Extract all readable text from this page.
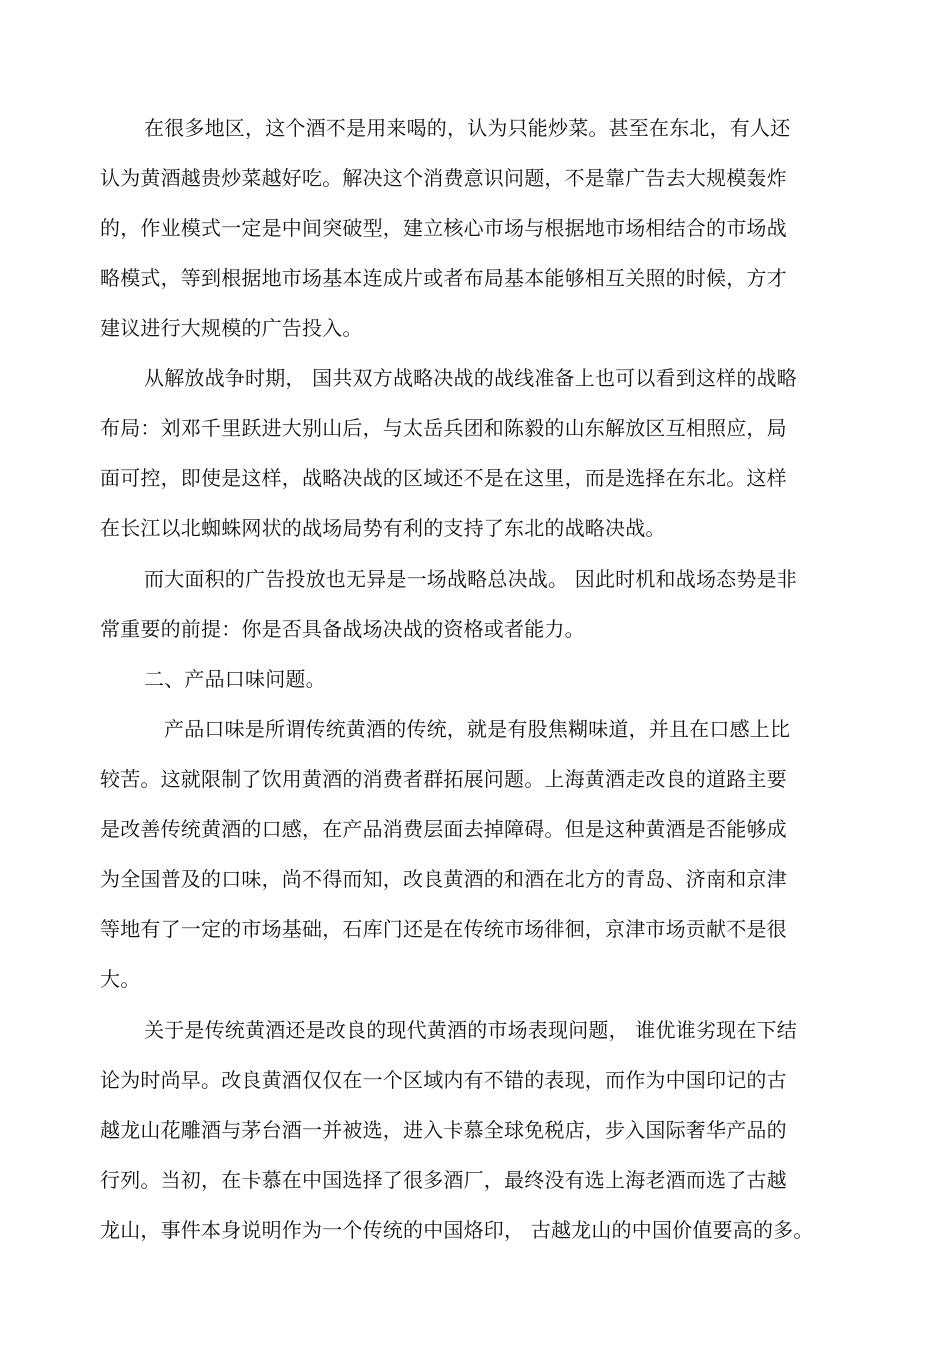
在很多地区，这个酒不是用来喝的，认为只能炒菜。甚至在东北，有人还
认为黄酒越贵炒菜越好吃。解决这个消费意识问题，不是靠广告去大规模轰炸
的，作业模式一定是中间突破型，建立核心市场与根据地市场相结合的市场战
略模式，等到根据地市场基本连成片或者布局基本能够相互关照的时候，方才
建议进行大规模的广告投入。
从解放战争时期， 国共双方战略决战的战线准备上也可以看到这样的战略
布局：刘邓千里跃进大别山后，与太岳兵团和陈毅的山东解放区互相照应，局
面可控，即使是这样，战略决战的区域还不是在这里，而是选择在东北。这样
在长江以北蜘蛛网状的战场局势有利的支持了东北的战略决战。
而大面积的广告投放也无异是一场战略总决战。 因此时机和战场态势是非
常重要的前提：你是否具备战场决战的资格或者能力。
二、产品口味问题。
产品口味是所谓传统黄酒的传统，就是有股焦糊味道，并且在口感上比
较苦。这就限制了饮用黄酒的消费者群拓展问题。上海黄酒走改良的道路主要
是改善传统黄酒的口感，在产品消费层面去掉障碍。但是这种黄酒是否能够成
为全国普及的口味，尚不得而知，改良黄酒的和酒在北方的青岛、济南和京津
等地有了一定的市场基础，石库门还是在传统市场徘徊，京津市场贡献不是很
大。
关于是传统黄酒还是改良的现代黄酒的市场表现问题， 谁优谁劣现在下结
论为时尚早。改良黄酒仅仅在一个区域内有不错的表现，而作为中国印记的古
越龙山花雕酒与茅台酒一并被选，进入卡慕全球免税店，步入国际奢华产品的
行列。当初，在卡慕在中国选择了很多酒厂，最终没有选上海老酒而选了古越
龙山，事件本身说明作为一个传统的中国烙印， 古越龙山的中国价值要高的多。
